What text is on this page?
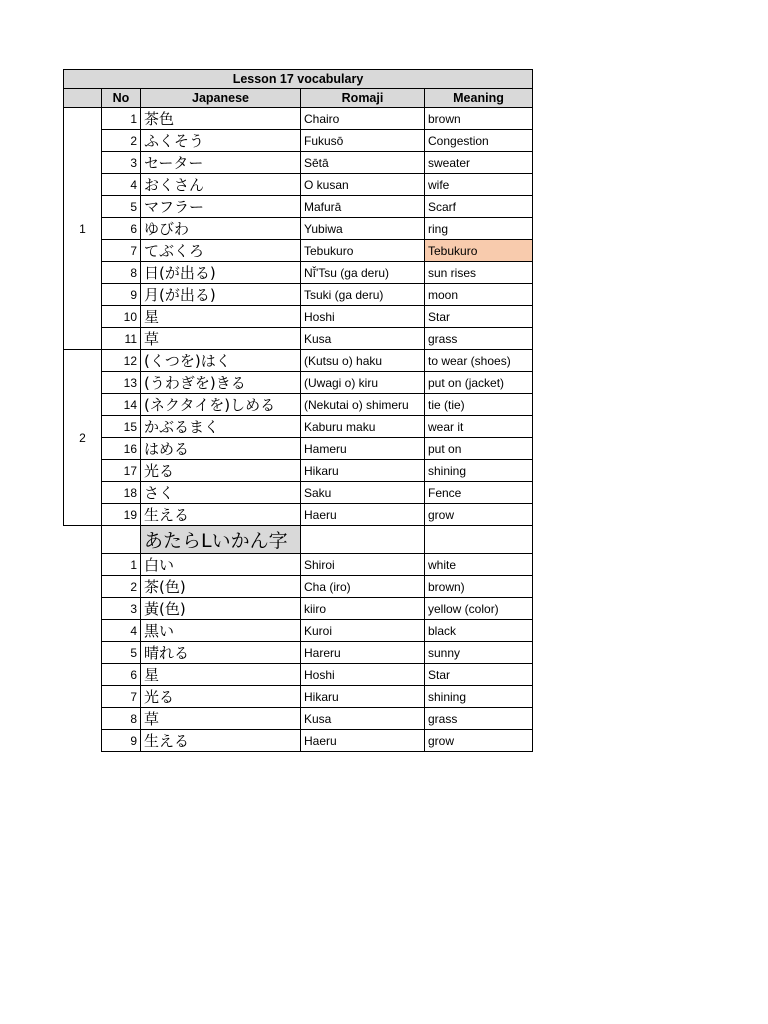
Lesson 17 vocabulary				
	No	Japanese	Romaji	Meaning
1	1	茶色	Chairo	brown
	2	ふくそう	Fukusō	Congestion
	3	セーター	Sētā	sweater
	4	おくさん	O kusan	wife
	5	マフラー	Mafurā	Scarf
	6	ゆびわ	Yubiwa	ring
	7	てぶくろ	Tebukuro	Tebukuro
	8	日(が出る)	Nī̌'Tsu (ga deru)	sun rises
	9	月(が出る)	Tsuki (ga deru)	moon
	10	星	Hoshi	Star
	11	草	Kusa	grass
2	12	(くつを)はく	(Kutsu o) haku	to wear (shoes)
	13	(うわぎを)きる	(Uwagi o) kiru	put on (jacket)
	14	(ネクタイを)しめる	(Nekutai o) shimeru	tie (tie)
	15	かぶるまく	Kaburu maku	wear it
	16	はめる	Hameru	put on
	17	光る	Hikaru	shining
	18	さく	Saku	Fence
	19	生える	Haeru	grow
		あたらLいかん字		
	1	白い	Shiroi	white
	2	茶(色)	Cha (iro)	brown)
	3	黃(色)	kiiro	yellow (color)
	4	黒い	Kuroi	black
	5	晴れる	Hareru	sunny
	6	星	Hoshi	Star
	7	光る	Hikaru	shining
	8	草	Kusa	grass
	9	生える	Haeru	grow
